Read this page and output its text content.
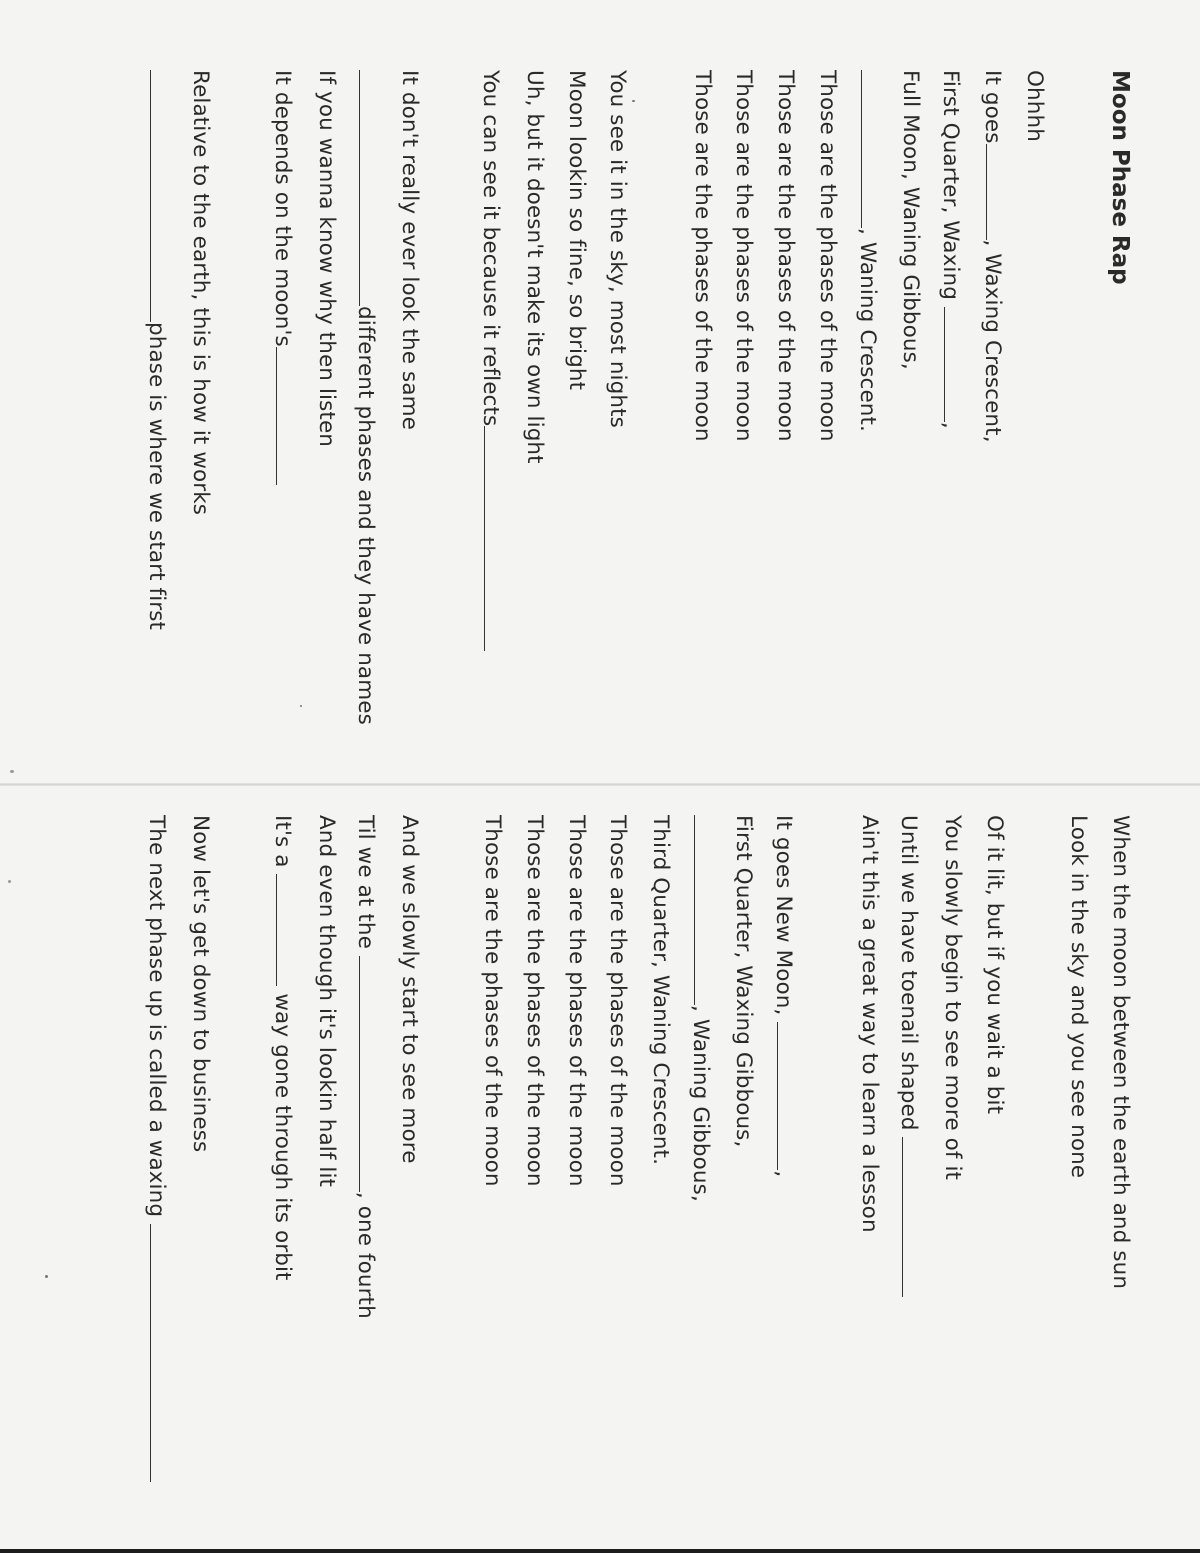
Moon Phase Rap
Ohhhh
It goes, Waxing Crescent,
First Quarter, Waxing ,
Full Moon, Waning Gibbous,
, Waning Crescent.
Those are the phases of the moon
Those are the phases of the moon
Those are the phases of the moon
Those are the phases of the moon
You see it in the sky, most nights
Moon lookin so fine, so bright
Uh, but it doesn't make its own light
You can see it because it reflects
It don't really ever look the same
different phases and they have names
If you wanna know why then listen
It depends on the moon's
Relative to the earth, this is how it works
phase is where we start first
When the moon between the earth and sun
Look in the sky and you see none
Of it lit, but if you wait a bit
You slowly begin to see more of it
Until we have toenail shaped
Ain't this a great way to learn a lesson
It goes New Moon, ,
First Quarter, Waxing Gibbous,
, Waning Gibbous,
Third Quarter, Waning Crescent.
Those are the phases of the moon
Those are the phases of the moon
Those are the phases of the moon
Those are the phases of the moon
And we slowly start to see more
Til we at the , one fourth
And even though it's lookin half lit
It's a  way gone through its orbit
Now let's get down to business
The next phase up is called a waxing
